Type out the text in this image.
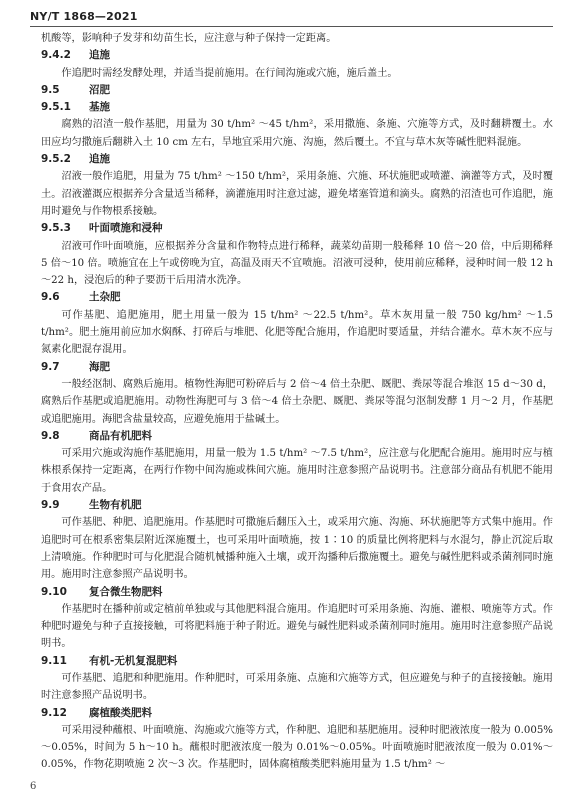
NY/T 1868—2021
机酸等，影响种子发芽和幼苗生长，应注意与种子保持一定距离。
9.4.2 追施
作追肥时需经发酵处理，并适当提前施用。在行间沟施或穴施，施后盖土。
9.5	沼肥
9.5.1 基施
腐熟的沼渣一般作基肥，用量为 30 t/hm² ～45 t/hm²，采用撒施、条施、穴施等方式，及时翻耕覆土。水田应均匀撒施后翻耕入土 10 cm 左右，旱地宜采用穴施、沟施，然后覆土。不宜与草木灰等碱性肥料混施。
9.5.2 追施
沼液一般作追肥，用量为 75 t/hm² ～150 t/hm²，采用条施、穴施、环状施肥或喷灌、滴灌等方式，及时覆土。沼液灌溉应根据养分含量适当稀释，滴灌施用时注意过滤，避免堵塞管道和滴头。腐熟的沼渣也可作追肥，施用时避免与作物根系接触。
9.5.3 叶面喷施和浸种
沼液可作叶面喷施，应根据养分含量和作物特点进行稀释，蔬菜幼苗期一般稀释 10 倍～20 倍，中后期稀释 5 倍～10 倍。喷施宜在上午或傍晚为宜，高温及雨天不宜喷施。沼液可浸种，使用前应稀释，浸种时间一般 12 h～22 h，浸泡后的种子要沥干后用清水洗净。
9.6	土杂肥
可作基肥、追肥施用，肥土用量一般为 15 t/hm² ～22.5 t/hm²。草木灰用量一般 750 kg/hm² ～1.5 t/hm²。肥土施用前应加水焖酥、打碎后与堆肥、化肥等配合施用，作追肥时要适量，并结合灌水。草木灰不应与氮素化肥混存混用。
9.7	海肥
一般经沤制、腐熟后施用。植物性海肥可粉碎后与 2 倍～4 倍土杂肥、厩肥、粪尿等混合堆沤 15 d～30 d，腐熟后作基肥或追肥施用。动物性海肥可与 3 倍～4 倍土杂肥、厩肥、粪尿等混匀沤制发酵 1 月～2 月，作基肥或追肥施用。海肥含盐量较高，应避免施用于盐碱土。
9.8	商品有机肥料
可采用穴施或沟施作基肥施用，用量一般为 1.5 t/hm² ～7.5 t/hm²，应注意与化肥配合施用。施用时应与植株根系保持一定距离，在两行作物中间沟施或株间穴施。施用时注意参照产品说明书。注意部分商品有机肥不能用于食用农产品。
9.9	生物有机肥
可作基肥、种肥、追肥施用。作基肥时可撒施后翻压入土，或采用穴施、沟施、环状施肥等方式集中施用。作追肥时可在根系密集层附近深施覆土，也可采用叶面喷施，按 1∶10 的质量比例将肥料与水混匀，静止沉淀后取上清喷施。作种肥时可与化肥混合随机械播种施入土壤，或开沟播种后撒施覆土。避免与碱性肥料或杀菌剂同时施用。施用时注意参照产品说明书。
9.10 复合微生物肥料
作基肥时在播种前或定植前单独或与其他肥料混合施用。作追肥时可采用条施、沟施、灌根、喷施等方式。作种肥时避免与种子直接接触，可将肥料施于种子附近。避免与碱性肥料或杀菌剂同时施用。施用时注意参照产品说明书。
9.11 有机-无机复混肥料
可作基肥、追肥和种肥施用。作种肥时，可采用条施、点施和穴施等方式，但应避免与种子的直接接触。施用时注意参照产品说明书。
9.12 腐植酸类肥料
可采用浸种蘸根、叶面喷施、沟施或穴施等方式，作种肥、追肥和基肥施用。浸种时肥液浓度一般为 0.005%～0.05%，时间为 5 h～10 h。蘸根时肥液浓度一般为 0.01%～0.05%。叶面喷施时肥液浓度一般为 0.01%～0.05%，作物花期喷施 2 次～3 次。作基肥时，固体腐植酸类肥料施用量为 1.5 t/hm² ～
6
